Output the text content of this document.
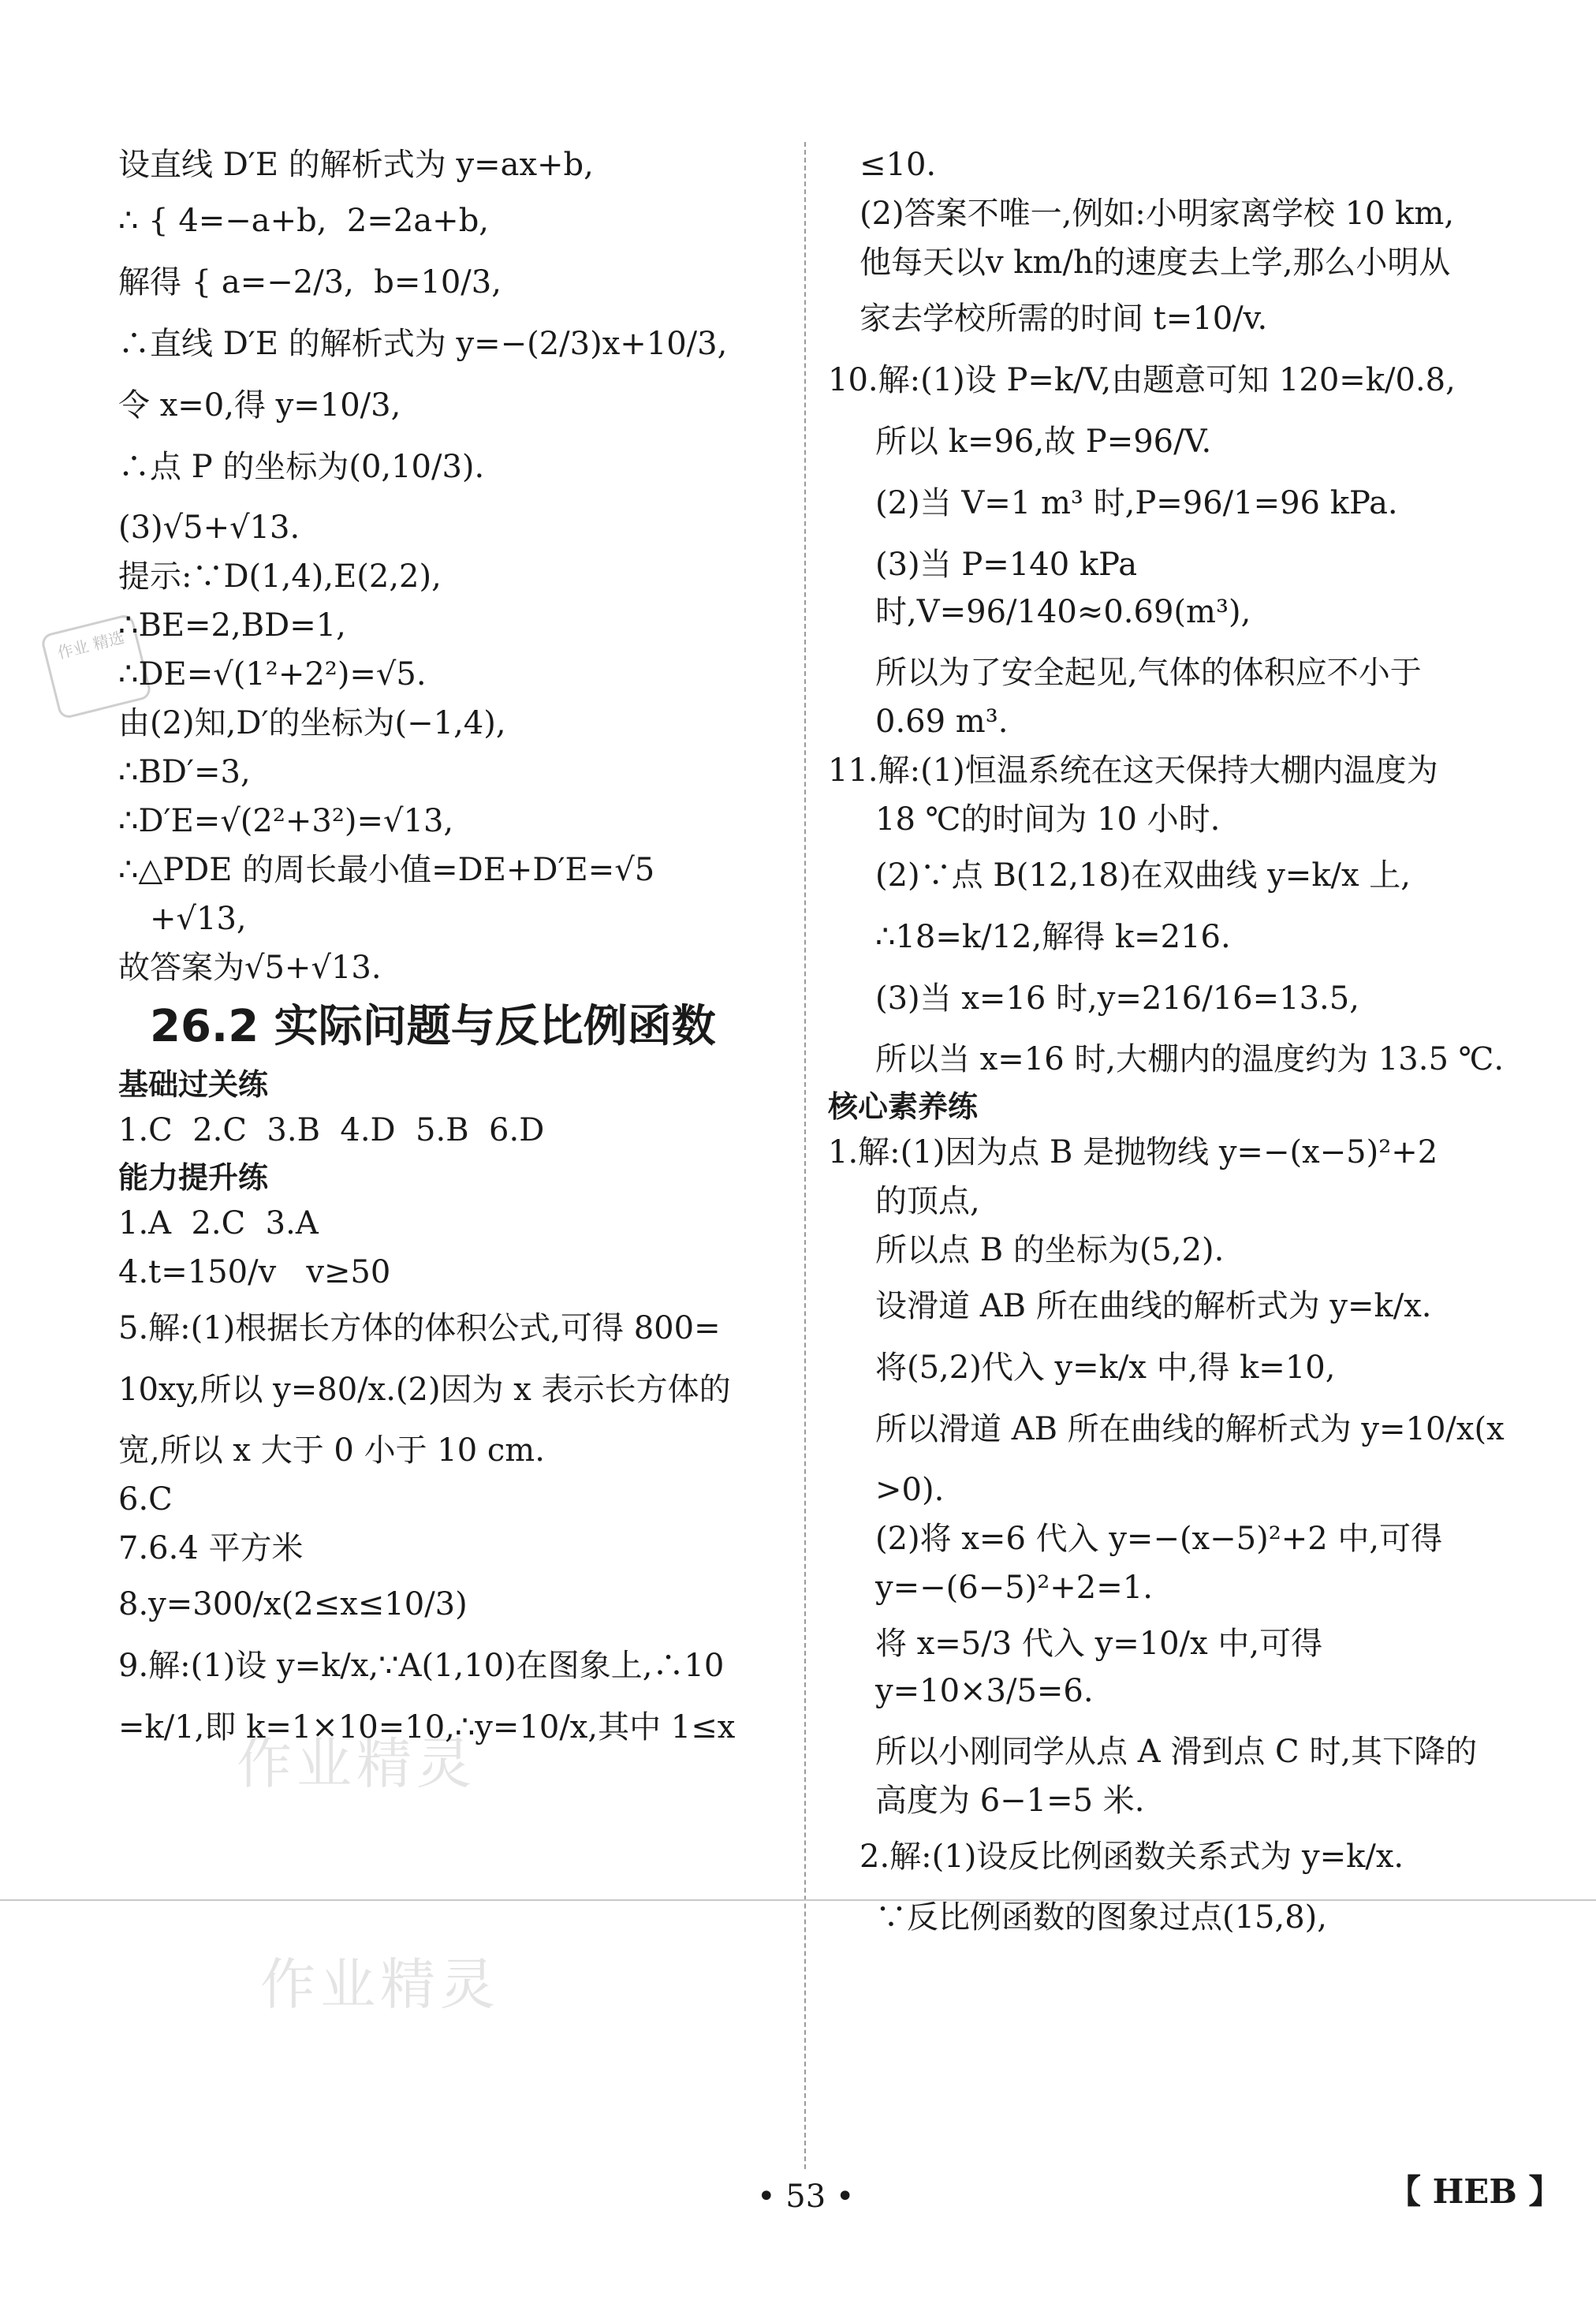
作业 精选
作业精灵
作业精灵
设直线 D′E 的解析式为 y=ax+b,
∴ { 4=−a+b,  2=2a+b,
解得 { a=−2/3,  b=10/3,
∴直线 D′E 的解析式为 y=−(2/3)x+10/3,
令 x=0,得 y=10/3,
∴点 P 的坐标为(0,10/3).
(3)√5+√13.
提示:∵D(1,4),E(2,2),
∴BE=2,BD=1,
∴DE=√(1²+2²)=√5.
由(2)知,D′的坐标为(−1,4),
∴BD′=3,
∴D′E=√(2²+3²)=√13,
∴△PDE 的周长最小值=DE+D′E=√5
+√13,
故答案为√5+√13.
26.2 实际问题与反比例函数
基础过关练
1.C  2.C  3.B  4.D  5.B  6.D
能力提升练
1.A  2.C  3.A
4.t=150/v   v≥50
5.解:(1)根据长方体的体积公式,可得 800=
10xy,所以 y=80/x.(2)因为 x 表示长方体的
宽,所以 x 大于 0 小于 10 cm.
6.C
7.6.4 平方米
8.y=300/x(2≤x≤10/3)
9.解:(1)设 y=k/x,∵A(1,10)在图象上,∴10
=k/1,即 k=1×10=10,∴y=10/x,其中 1≤x
≤10.
(2)答案不唯一,例如:小明家离学校 10 km,
他每天以v km/h的速度去上学,那么小明从
家去学校所需的时间 t=10/v.
10.解:(1)设 P=k/V,由题意可知 120=k/0.8,
所以 k=96,故 P=96/V.
(2)当 V=1 m³ 时,P=96/1=96 kPa.
(3)当 P=140 kPa 时,V=96/140≈0.69(m³),
所以为了安全起见,气体的体积应不小于
0.69 m³.
11.解:(1)恒温系统在这天保持大棚内温度为
18 ℃的时间为 10 小时.
(2)∵点 B(12,18)在双曲线 y=k/x 上,
∴18=k/12,解得 k=216.
(3)当 x=16 时,y=216/16=13.5,
所以当 x=16 时,大棚内的温度约为 13.5 ℃.
核心素养练
1.解:(1)因为点 B 是抛物线 y=−(x−5)²+2
的顶点,
所以点 B 的坐标为(5,2).
设滑道 AB 所在曲线的解析式为 y=k/x.
将(5,2)代入 y=k/x 中,得 k=10,
所以滑道 AB 所在曲线的解析式为 y=10/x(x
>0).
(2)将 x=6 代入 y=−(x−5)²+2 中,可得
y=−(6−5)²+2=1.
将 x=5/3 代入 y=10/x 中,可得 y=10×3/5=6.
所以小刚同学从点 A 滑到点 C 时,其下降的
高度为 6−1=5 米.
2.解:(1)设反比例函数关系式为 y=k/x.
∵反比例函数的图象过点(15,8),
• 53 •	【 HEB 】
